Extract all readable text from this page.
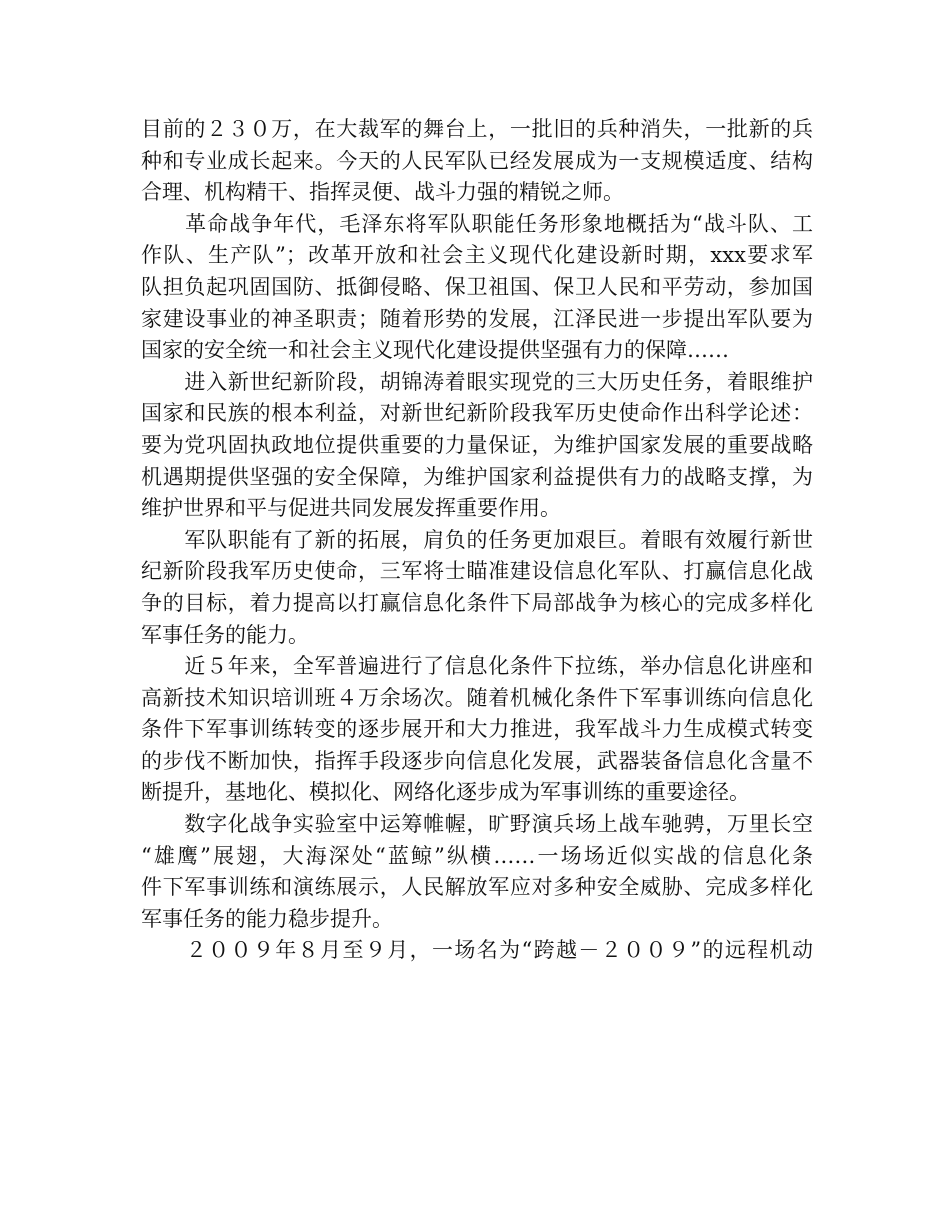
目前的２３０万，在大裁军的舞台上，一批旧的兵种消失，一批新的兵
种和专业成长起来。今天的人民军队已经发展成为一支规模适度、结构
合理、机构精干、指挥灵便、战斗力强的精锐之师。
　　革命战争年代，毛泽东将军队职能任务形象地概括为“战斗队、工
作队、生产队”；改革开放和社会主义现代化建设新时期，xxx要求军
队担负起巩固国防、抵御侵略、保卫祖国、保卫人民和平劳动，参加国
家建设事业的神圣职责；随着形势的发展，江泽民进一步提出军队要为
国家的安全统一和社会主义现代化建设提供坚强有力的保障……
　　进入新世纪新阶段，胡锦涛着眼实现党的三大历史任务，着眼维护
国家和民族的根本利益，对新世纪新阶段我军历史使命作出科学论述：
要为党巩固执政地位提供重要的力量保证，为维护国家发展的重要战略
机遇期提供坚强的安全保障，为维护国家利益提供有力的战略支撑，为
维护世界和平与促进共同发展发挥重要作用。
　　军队职能有了新的拓展，肩负的任务更加艰巨。着眼有效履行新世
纪新阶段我军历史使命，三军将士瞄准建设信息化军队、打赢信息化战
争的目标，着力提高以打赢信息化条件下局部战争为核心的完成多样化
军事任务的能力。
　　近５年来，全军普遍进行了信息化条件下拉练，举办信息化讲座和
高新技术知识培训班４万余场次。随着机械化条件下军事训练向信息化
条件下军事训练转变的逐步展开和大力推进，我军战斗力生成模式转变
的步伐不断加快，指挥手段逐步向信息化发展，武器装备信息化含量不
断提升，基地化、模拟化、网络化逐步成为军事训练的重要途径。
　　数字化战争实验室中运筹帷幄，旷野演兵场上战车驰骋，万里长空
“雄鹰”展翅，大海深处“蓝鲸”纵横……一场场近似实战的信息化条
件下军事训练和演练展示，人民解放军应对多种安全威胁、完成多样化
军事任务的能力稳步提升。
　　２００９年８月至９月，一场名为“跨越－２００９”的远程机动
